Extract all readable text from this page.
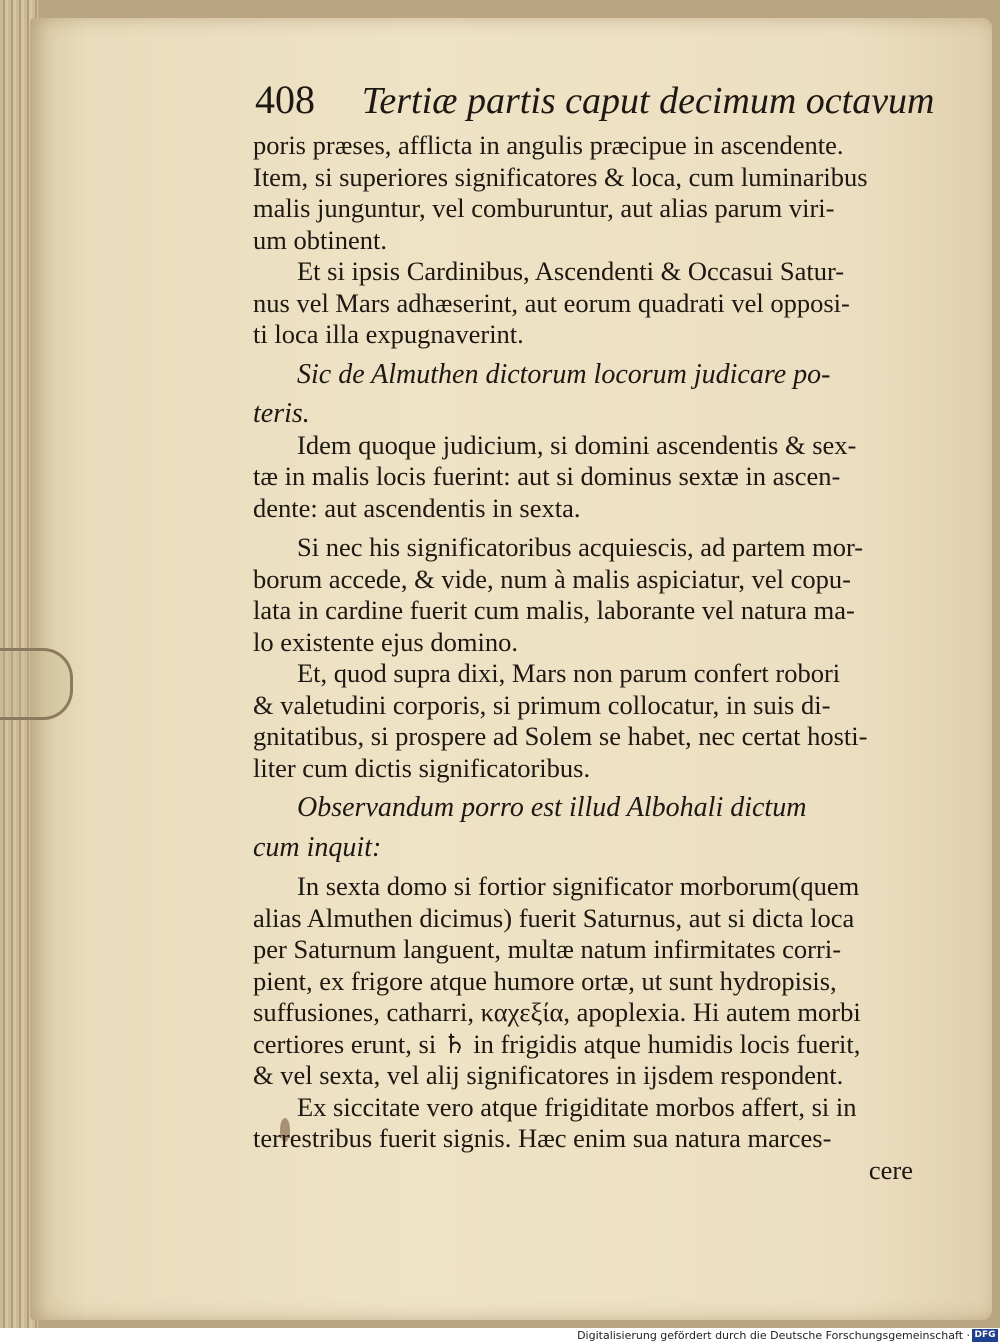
408 Tertiæ partis caput decimum octavum
poris præses, afflicta in angulis præcipue in ascendente.
Item, si superiores significatores & loca, cum luminaribus
malis junguntur, vel comburuntur, aut alias parum viri-
um obtinent.
Et si ipsis Cardinibus, Ascendenti & Occasui Satur-
nus vel Mars adhæserint, aut eorum quadrati vel opposi-
ti loca illa expugnaverint.
Sic de Almuthen dictorum locorum judicare po-
teris.
Idem quoque judicium, si domini ascendentis & sex-
tæ in malis locis fuerint: aut si dominus sextæ in ascen-
dente: aut ascendentis in sexta.
Si nec his significatoribus acquiescis, ad partem mor-
borum accede, & vide, num à malis aspiciatur, vel copu-
lata in cardine fuerit cum malis, laborante vel natura ma-
lo existente ejus domino.
Et, quod supra dixi, Mars non parum confert robori
& valetudini corporis, si primum collocatur, in suis di-
gnitatibus, si prospere ad Solem se habet, nec certat hosti-
liter cum dictis significatoribus.
Observandum porro est illud Albohali dictum
cum inquit:
In sexta domo si fortior significator morborum(quem
alias Almuthen dicimus) fuerit Saturnus, aut si dicta loca
per Saturnum languent, multæ natum infirmitates corri-
pient, ex frigore atque humore ortæ, ut sunt hydropisis,
suffusiones, catharri, καχεξία, apoplexia. Hi autem morbi
certiores erunt, si ♄ in frigidis atque humidis locis fuerit,
& vel sexta, vel alij significatores in ijsdem respondent.
Ex siccitate vero atque frigiditate morbos affert, si in
terrestribus fuerit signis. Hæc enim sua natura marces-
cere
Digitalisierung gefördert durch die Deutsche Forschungsgemeinschaft · DFG
